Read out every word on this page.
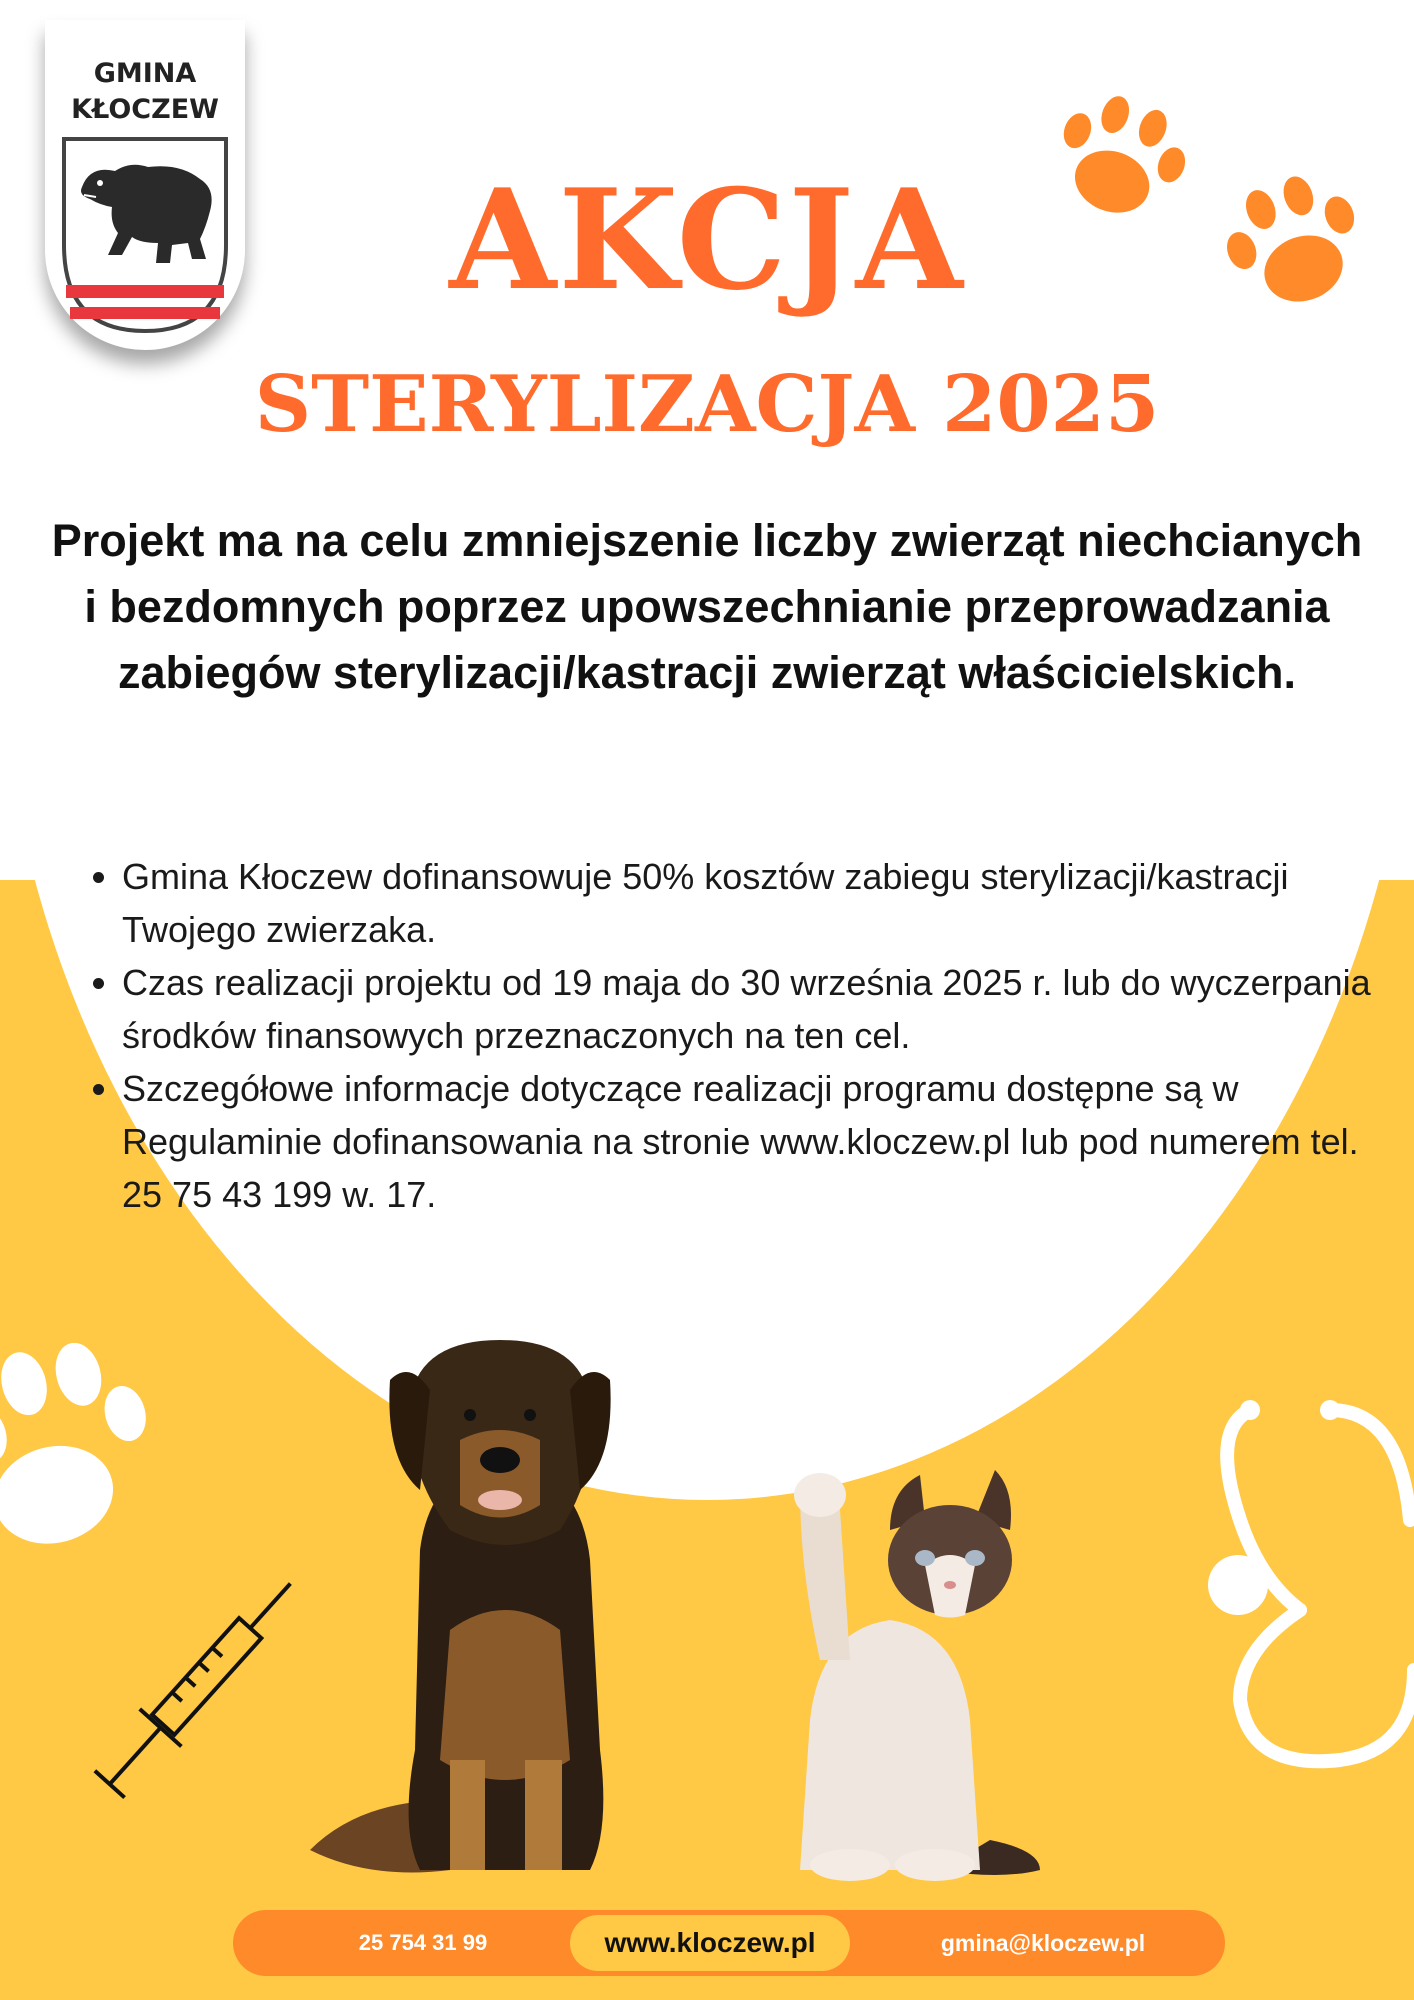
GMINA
KŁOCZEW
AKCJA
STERYLIZACJA 2025
Projekt ma na celu zmniejszenie liczby zwierząt niechcianych i bezdomnych poprzez upowszechnianie przeprowadzania zabiegów sterylizacji/kastracji zwierząt właścicielskich.
• Gmina Kłoczew dofinansowuje 50% kosztów zabiegu sterylizacji/kastracji Twojego zwierzaka.
• Czas realizacji projektu od 19 maja do 30 września 2025 r. lub do wyczerpania środków finansowych przeznaczonych na ten cel.
• Szczegółowe informacje dotyczące realizacji programu dostępne są w Regulaminie dofinansowania na stronie www.kloczew.pl lub pod numerem tel. 25 75 43 199 w. 17.
25 754 31 99	www.kloczew.pl	gmina@kloczew.pl
